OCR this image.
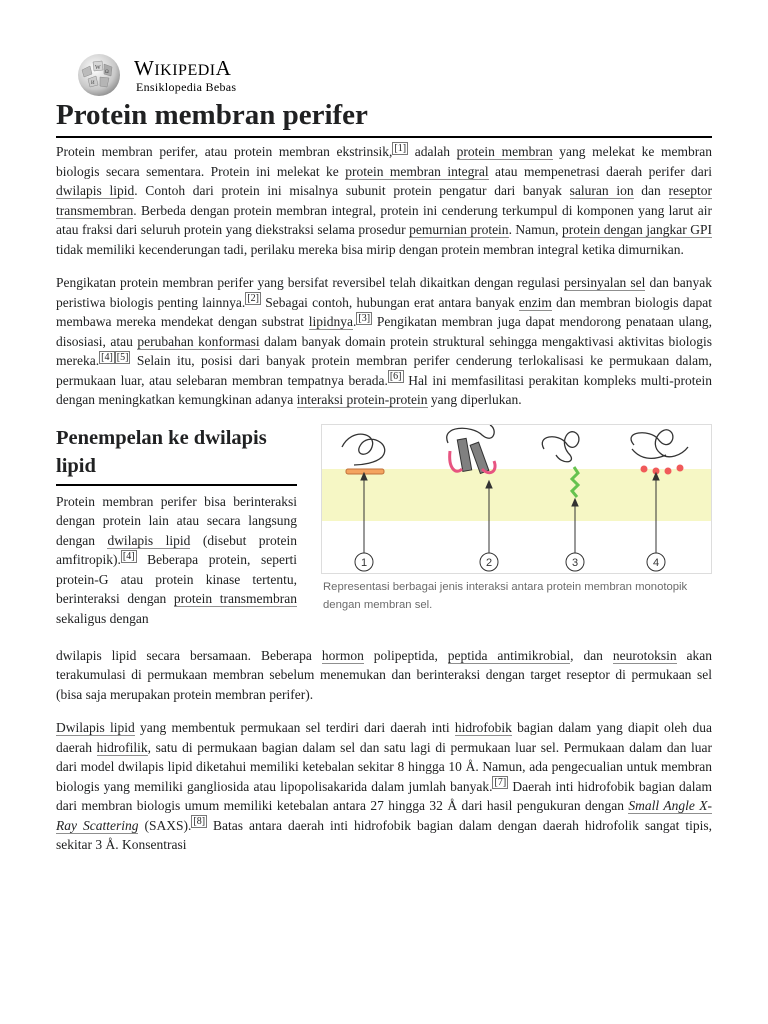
W
Ω
И
WIKIPEDIA
Ensiklopedia Bebas
Protein membran perifer

Protein membran perifer, atau protein membran ekstrinsik, [1] adalah protein membran yang melekat ke membran biologis secara sementara. Protein ini melekat ke protein membran integral atau mempenetrasi daerah perifer dari dwilapis lipid. Contoh dari protein ini misalnya subunit protein pengatur dari banyak saluran ion dan reseptor transmembran. Berbeda dengan protein membran integral, protein ini cenderung terkumpul di komponen yang larut air atau fraksi dari seluruh protein yang diekstraksi selama prosedur pemurnian protein. Namun, protein dengan jangkar GPI tidak memiliki kecenderungan tadi, perilaku mereka bisa mirip dengan protein membran integral ketika dimurnikan.

Pengikatan protein membran perifer yang bersifat reversibel telah dikaitkan dengan regulasi persinyalan sel dan banyak peristiwa biologis penting lainnya. [2] Sebagai contoh, hubungan erat antara banyak enzim dan membran biologis dapat membawa mereka mendekat dengan substrat lipidnya. [3] Pengikatan membran juga dapat mendorong penataan ulang, disosiasi, atau perubahan konformasi dalam banyak domain protein struktural sehingga mengaktivasi aktivitas biologis mereka. [4] [5] Selain itu, posisi dari banyak protein membran perifer cenderung terlokalisasi ke permukaan dalam, permukaan luar, atau selebaran membran tempatnya berada. [6] Hal ini memfasilitasi perakitan kompleks multi-protein dengan meningkatkan kemungkinan adanya interaksi protein-protein yang diperlukan.

Penempelan ke dwilapis lipid

Protein membran perifer bisa berinteraksi dengan protein lain atau secara langsung dengan dwilapis lipid (disebut protein amfitropik). [4] Beberapa protein, seperti protein-G atau protein kinase tertentu, berinteraksi dengan protein transmembran sekaligus dengan

1	2	3	4
Representasi berbagai jenis interaksi antara protein membran monotopik dengan membran sel.

dwilapis lipid secara bersamaan. Beberapa hormon polipeptida, peptida antimikrobial, dan neurotoksin akan terakumulasi di permukaan membran sebelum menemukan dan berinteraksi dengan target reseptor di permukaan sel (bisa saja merupakan protein membran perifer).

Dwilapis lipid yang membentuk permukaan sel terdiri dari daerah inti hidrofobik bagian dalam yang diapit oleh dua daerah hidrofilik, satu di permukaan bagian dalam sel dan satu lagi di permukaan luar sel. Permukaan dalam dan luar dari model dwilapis lipid diketahui memiliki ketebalan sekitar 8 hingga 10 Å. Namun, ada pengecualian untuk membran biologis yang memiliki gangliosida atau lipopolisakarida dalam jumlah banyak. [7] Daerah inti hidrofobik bagian dalam dari membran biologis umum memiliki ketebalan antara 27 hingga 32 Å dari hasil pengukuran dengan Small Angle X-Ray Scattering (SAXS). [8] Batas antara daerah inti hidrofobik bagian dalam dengan daerah hidrofolik sangat tipis, sekitar 3 Å. Konsentrasi
